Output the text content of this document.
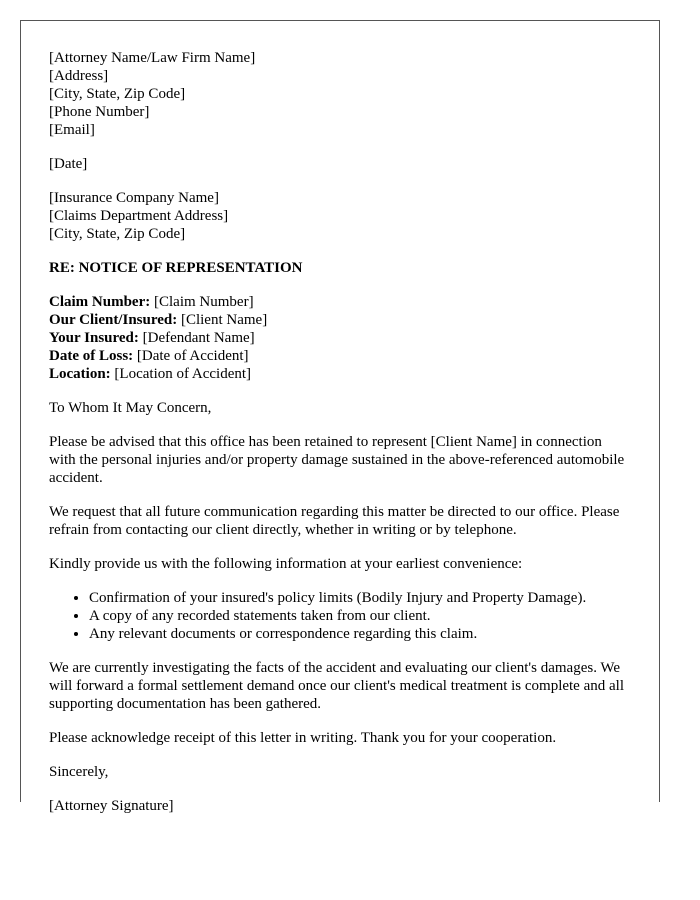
[Attorney Name/Law Firm Name]
[Address]
[City, State, Zip Code]
[Phone Number]
[Email]
[Date]
[Insurance Company Name]
[Claims Department Address]
[City, State, Zip Code]
RE: NOTICE OF REPRESENTATION
Claim Number: [Claim Number]
Our Client/Insured: [Client Name]
Your Insured: [Defendant Name]
Date of Loss: [Date of Accident]
Location: [Location of Accident]

To Whom It May Concern,

Please be advised that this office has been retained to represent [Client Name] in connection with the personal injuries and/or property damage sustained in the above-referenced automobile accident.

We request that all future communication regarding this matter be directed to our office. Please refrain from contacting our client directly, whether in writing or by telephone.

Kindly provide us with the following information at your earliest convenience:

• Confirmation of your insured's policy limits (Bodily Injury and Property Damage).
• A copy of any recorded statements taken from our client.
• Any relevant documents or correspondence regarding this claim.

We are currently investigating the facts of the accident and evaluating our client's damages. We will forward a formal settlement demand once our client's medical treatment is complete and all supporting documentation has been gathered.

Please acknowledge receipt of this letter in writing. Thank you for your cooperation.

Sincerely,

[Attorney Signature]
